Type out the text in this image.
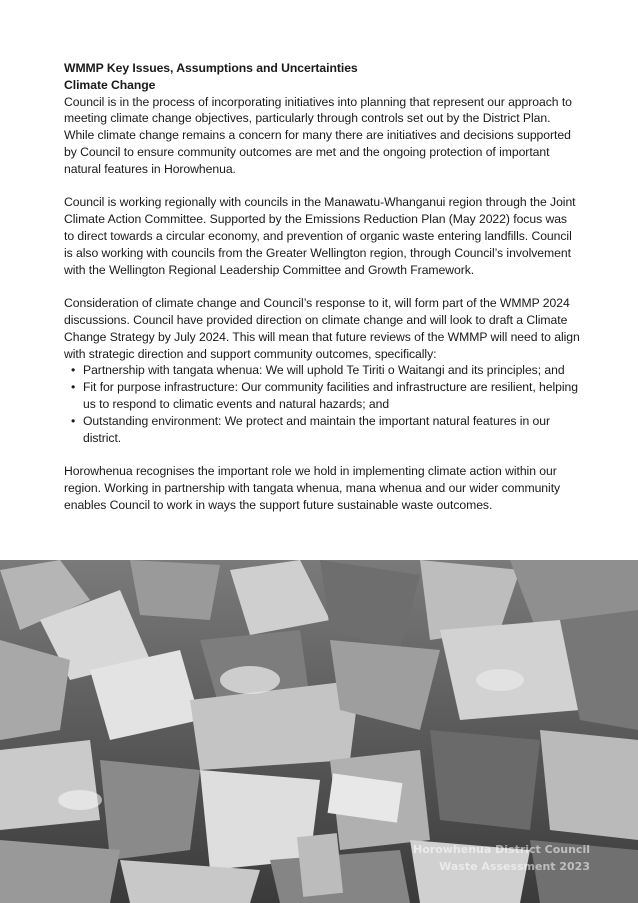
WMMP Key Issues, Assumptions and Uncertainties

Climate Change

Council is in the process of incorporating initiatives into planning that represent our approach to meeting climate change objectives, particularly through controls set out by the District Plan. While climate change remains a concern for many there are initiatives and decisions supported by Council to ensure community outcomes are met and the ongoing protection of important natural features in Horowhenua.

Council is working regionally with councils in the Manawatu-Whanganui region through the Joint Climate Action Committee. Supported by the Emissions Reduction Plan (May 2022) focus was to direct towards a circular economy, and prevention of organic waste entering landfills. Council is also working with councils from the Greater Wellington region, through Council’s involvement with the Wellington Regional Leadership Committee and Growth Framework.

Consideration of climate change and Council’s response to it, will form part of the WMMP 2024 discussions. Council have provided direction on climate change and will look to draft a Climate Change Strategy by July 2024. This will mean that future reviews of the WMMP will need to align with strategic direction and support community outcomes, specifically:

• Partnership with tangata whenua: We will uphold Te Tiriti o Waitangi and its principles; and
• Fit for purpose infrastructure: Our community facilities and infrastructure are resilient, helping us to respond to climatic events and natural hazards; and
• Outstanding environment: We protect and maintain the important natural features in our district.

Horowhenua recognises the important role we hold in implementing climate action within our region. Working in partnership with tangata whenua, mana whenua and our wider community enables Council to work in ways the support future sustainable waste outcomes.

Horowhenua District Council
Waste Assessment 2023
